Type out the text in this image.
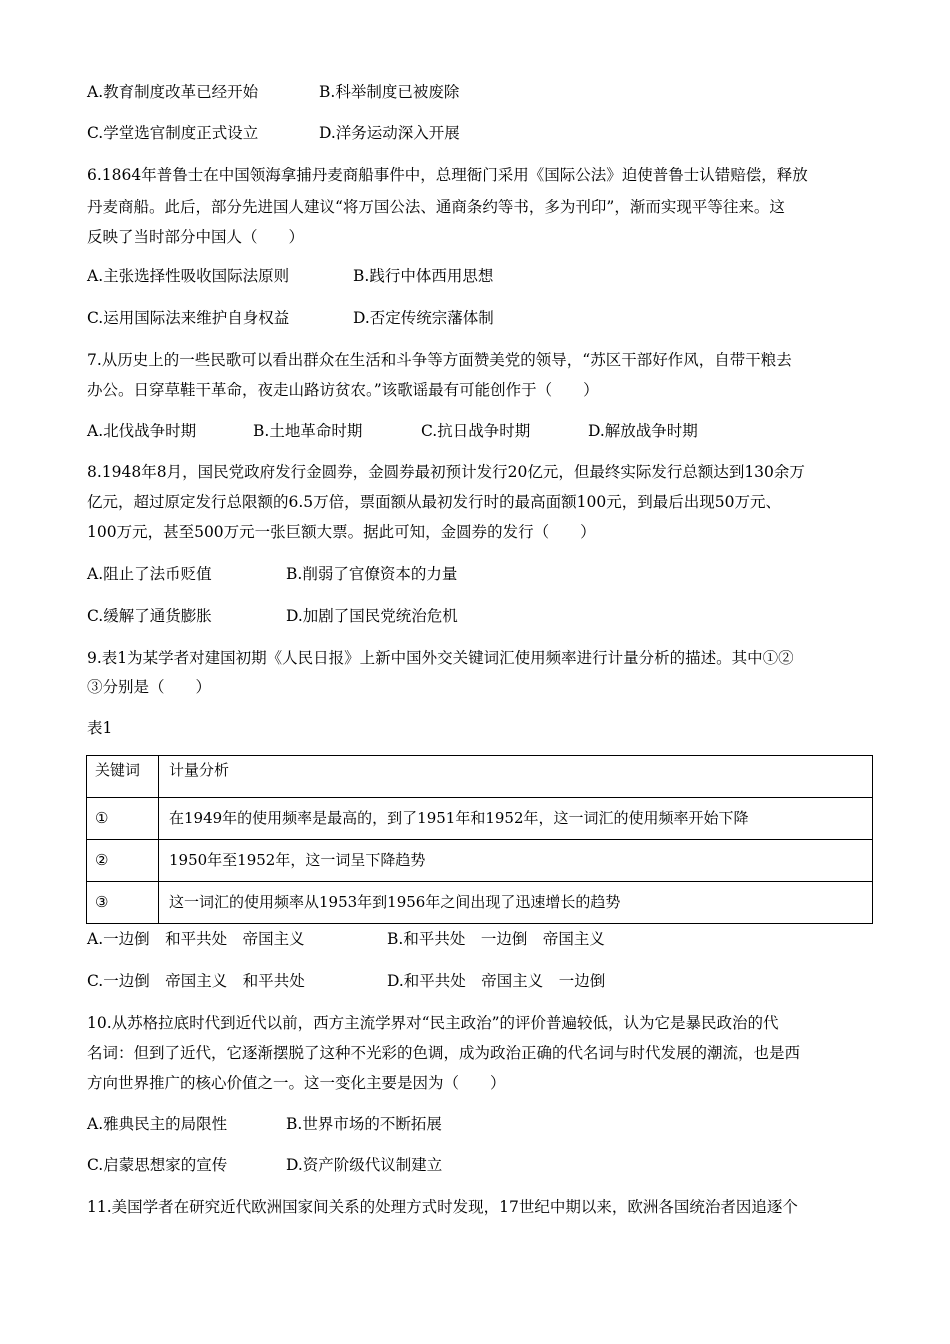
A.教育制度改革已经开始	B.科举制度已被废除
C.学堂选官制度正式设立	D.洋务运动深入开展
6.1864年普鲁士在中国领海拿捕丹麦商船事件中，总理衙门采用《国际公法》迫使普鲁士认错赔偿，释放
丹麦商船。此后，部分先进国人建议“将万国公法、通商条约等书，多为刊印”，渐而实现平等往来。这
反映了当时部分中国人（　　）
A.主张选择性吸收国际法原则	B.践行中体西用思想
C.运用国际法来维护自身权益	D.否定传统宗藩体制
7.从历史上的一些民歌可以看出群众在生活和斗争等方面赞美党的领导，“苏区干部好作风，自带干粮去
办公。日穿草鞋干革命，夜走山路访贫农。”该歌谣最有可能创作于（　　）
A.北伐战争时期	B.土地革命时期	C.抗日战争时期	D.解放战争时期
8.1948年8月，国民党政府发行金圆券，金圆券最初预计发行20亿元，但最终实际发行总额达到130余万
亿元，超过原定发行总限额的6.5万倍，票面额从最初发行时的最高面额100元，到最后出现50万元、
100万元，甚至500万元一张巨额大票。据此可知，金圆券的发行（　　）
A.阻止了法币贬值	B.削弱了官僚资本的力量
C.缓解了通货膨胀	D.加剧了国民党统治危机
9.表1为某学者对建国初期《人民日报》上新中国外交关键词汇使用频率进行计量分析的描述。其中①②
③分别是（　　）
表1
关键词	计量分析
①	在1949年的使用频率是最高的，到了1951年和1952年，这一词汇的使用频率开始下降
②	1950年至1952年，这一词呈下降趋势
③	这一词汇的使用频率从1953年到1956年之间出现了迅速增长的趋势
A.一边倒　和平共处　帝国主义	B.和平共处　一边倒　帝国主义
C.一边倒　帝国主义　和平共处	D.和平共处　帝国主义　一边倒
10.从苏格拉底时代到近代以前，西方主流学界对“民主政治”的评价普遍较低，认为它是暴民政治的代
名词：但到了近代，它逐渐摆脱了这种不光彩的色调，成为政治正确的代名词与时代发展的潮流，也是西
方向世界推广的核心价值之一。这一变化主要是因为（　　）
A.雅典民主的局限性	B.世界市场的不断拓展
C.启蒙思想家的宣传	D.资产阶级代议制建立
11.美国学者在研究近代欧洲国家间关系的处理方式时发现，17世纪中期以来，欧洲各国统治者因追逐个
